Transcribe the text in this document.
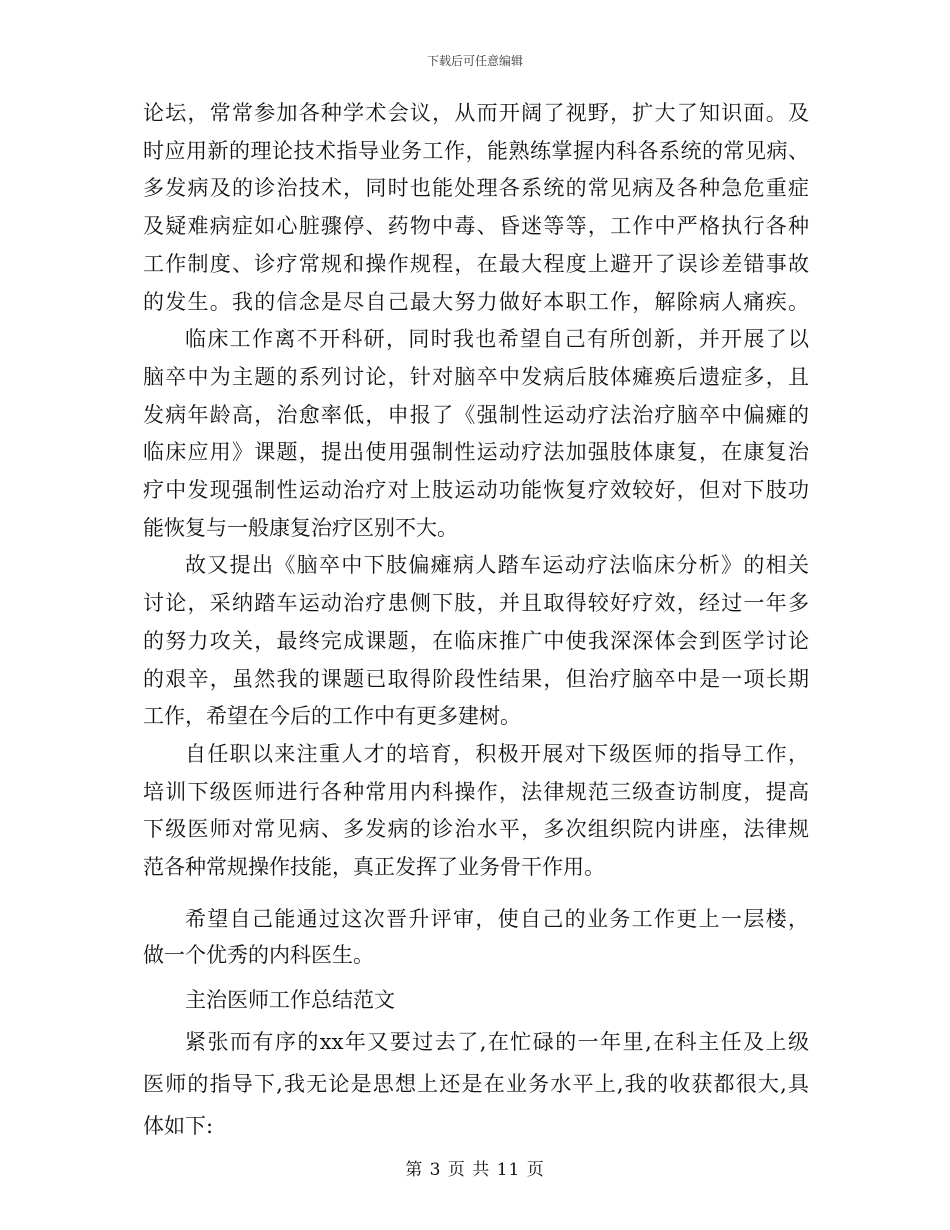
下载后可任意编辑
论坛，常常参加各种学术会议，从而开阔了视野，扩大了知识面。及
时应用新的理论技术指导业务工作，能熟练掌握内科各系统的常见病、
多发病及的诊治技术，同时也能处理各系统的常见病及各种急危重症
及疑难病症如心脏骤停、药物中毒、昏迷等等，工作中严格执行各种
工作制度、诊疗常规和操作规程，在最大程度上避开了误诊差错事故
的发生。我的信念是尽自己最大努力做好本职工作，解除病人痛疾。
临床工作离不开科研，同时我也希望自己有所创新，并开展了以
脑卒中为主题的系列讨论，针对脑卒中发病后肢体瘫痪后遗症多，且
发病年龄高，治愈率低，申报了《强制性运动疗法治疗脑卒中偏瘫的
临床应用》课题，提出使用强制性运动疗法加强肢体康复，在康复治
疗中发现强制性运动治疗对上肢运动功能恢复疗效较好，但对下肢功
能恢复与一般康复治疗区别不大。
故又提出《脑卒中下肢偏瘫病人踏车运动疗法临床分析》的相关
讨论，采纳踏车运动治疗患侧下肢，并且取得较好疗效，经过一年多
的努力攻关，最终完成课题，在临床推广中使我深深体会到医学讨论
的艰辛，虽然我的课题已取得阶段性结果，但治疗脑卒中是一项长期
工作，希望在今后的工作中有更多建树。
自任职以来注重人才的培育，积极开展对下级医师的指导工作，
培训下级医师进行各种常用内科操作，法律规范三级查访制度，提高
下级医师对常见病、多发病的诊治水平，多次组织院内讲座，法律规
范各种常规操作技能，真正发挥了业务骨干作用。
希望自己能通过这次晋升评审，使自己的业务工作更上一层楼，
做一个优秀的内科医生。
主治医师工作总结范文
紧张而有序的xx年又要过去了,在忙碌的一年里,在科主任及上级
医师的指导下,我无论是思想上还是在业务水平上,我的收获都很大,具
体如下:
第 3 页 共 11 页
